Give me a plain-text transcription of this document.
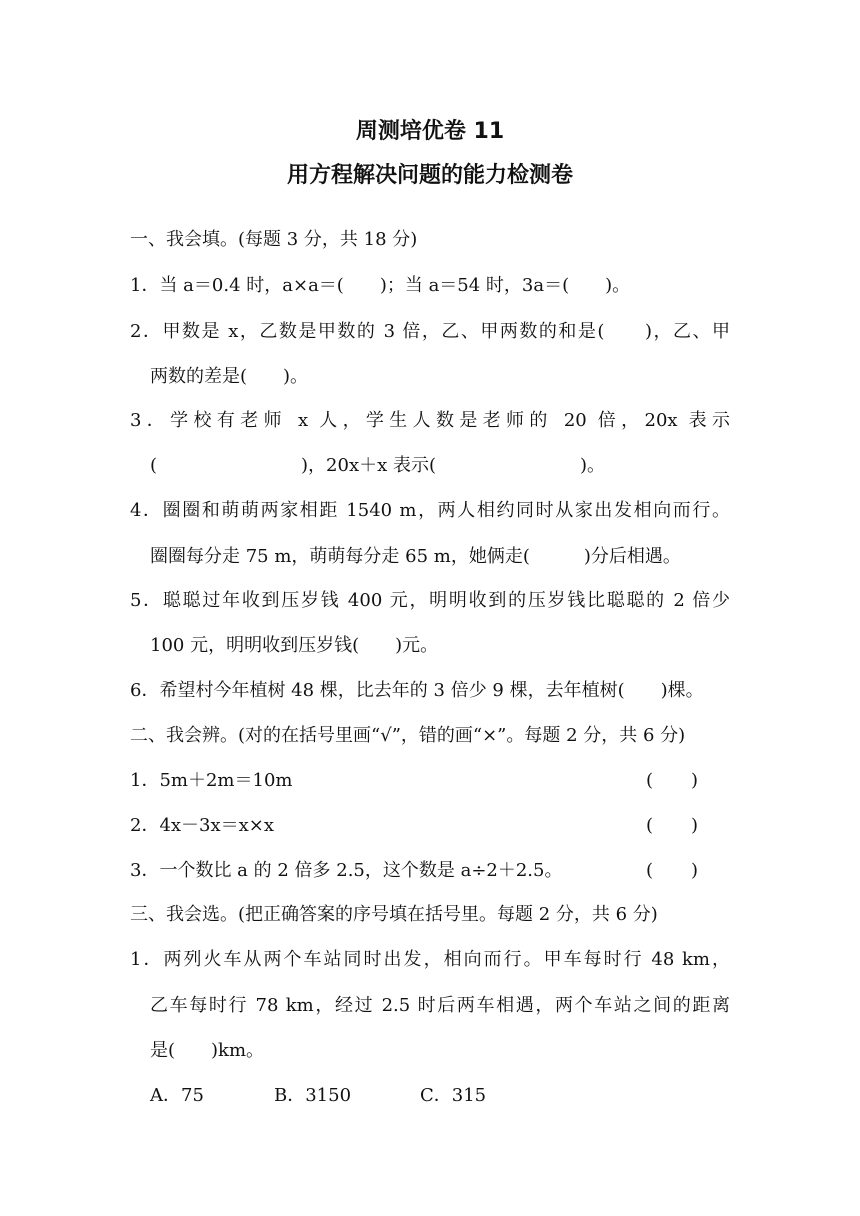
周测培优卷 11
用方程解决问题的能力检测卷
一、我会填。(每题 3 分，共 18 分)
1．当 a＝0.4 时，a×a＝(　　)；当 a＝54 时，3a＝(　　)。
2．甲数是 x，乙数是甲数的 3 倍，乙、甲两数的和是(　　)，乙、甲
两数的差是(　　)。
3．学校有老师 x 人，学生人数是老师的 20 倍，20x 表示
(　　　　　　　　)，20x＋x 表示(　　　　　　　　)。
4．圈圈和萌萌两家相距 1540 m，两人相约同时从家出发相向而行。
圈圈每分走 75 m，萌萌每分走 65 m，她俩走(　　　)分后相遇。
5．聪聪过年收到压岁钱 400 元，明明收到的压岁钱比聪聪的 2 倍少
100 元，明明收到压岁钱(　　)元。
6．希望村今年植树 48 棵，比去年的 3 倍少 9 棵，去年植树(　　)棵。
二、我会辨。(对的在括号里画“√”，错的画“×”。每题 2 分，共 6 分)
1．5m＋2m＝10m	( )
2．4x－3x＝x×x	( )
3．一个数比 a 的 2 倍多 2.5，这个数是 a÷2＋2.5。	( )
三、我会选。(把正确答案的序号填在括号里。每题 2 分，共 6 分)
1．两列火车从两个车站同时出发，相向而行。甲车每时行 48 km，
乙车每时行 78 km，经过 2.5 时后两车相遇，两个车站之间的距离
是(　　)km。
A．75	B．3150	C．315
